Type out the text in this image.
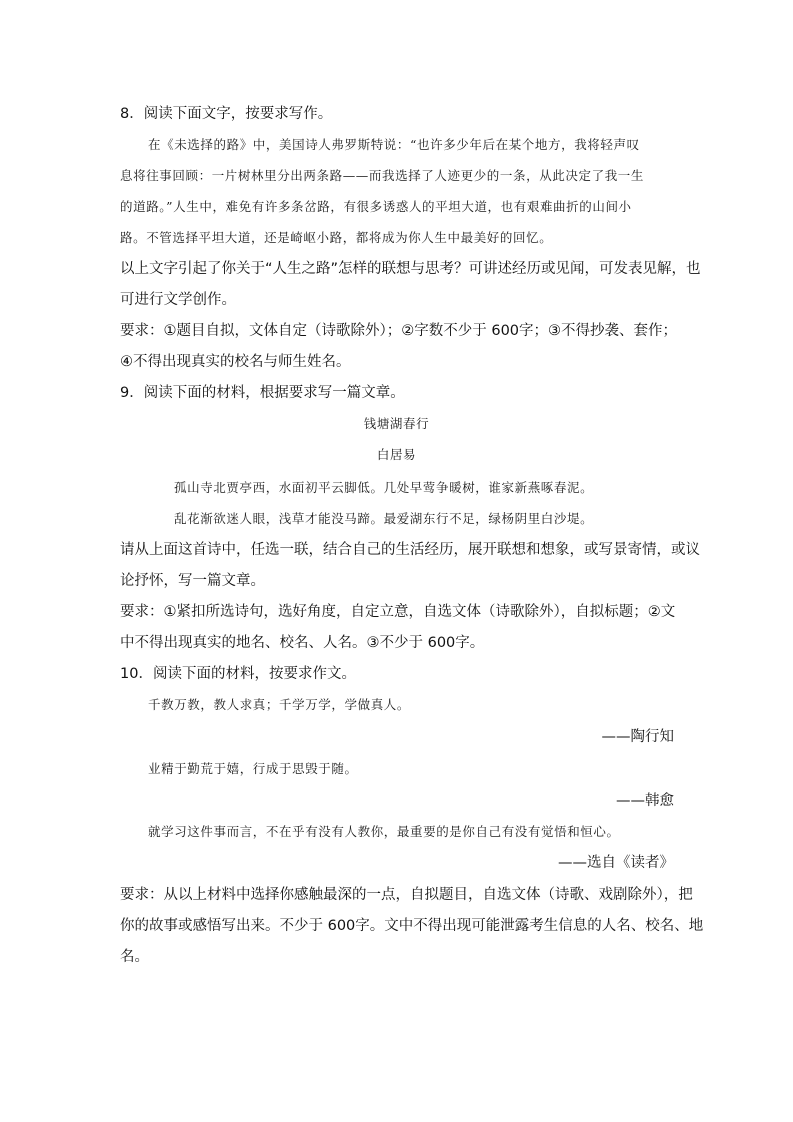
8．阅读下面文字，按要求写作。
在《未选择的路》中，美国诗人弗罗斯特说：“也许多少年后在某个地方，我将轻声叹
息将往事回顾：一片树林里分出两条路——而我选择了人迹更少的一条，从此决定了我一生
的道路。”人生中，难免有许多条岔路，有很多诱惑人的平坦大道，也有艰难曲折的山间小
路。不管选择平坦大道，还是崎岖小路，都将成为你人生中最美好的回忆。
以上文字引起了你关于“人生之路”怎样的联想与思考？可讲述经历或见闻，可发表见解，也
可进行文学创作。
要求：①题目自拟，文体自定（诗歌除外）；②字数不少于 600字；③不得抄袭、套作；
④不得出现真实的校名与师生姓名。
9．阅读下面的材料，根据要求写一篇文章。
钱塘湖春行
白居易
孤山寺北贾亭西，水面初平云脚低。几处早莺争暖树，谁家新燕啄春泥。
乱花渐欲迷人眼，浅草才能没马蹄。最爱湖东行不足，绿杨阴里白沙堤。
请从上面这首诗中，任选一联，结合自己的生活经历，展开联想和想象，或写景寄情，或议
论抒怀，写一篇文章。
要求：①紧扣所选诗句，选好角度，自定立意，自选文体（诗歌除外），自拟标题；②文
中不得出现真实的地名、校名、人名。③不少于 600字。
10．阅读下面的材料，按要求作文。
千教万教，教人求真；千学万学，学做真人。
——陶行知
业精于勤荒于嬉，行成于思毁于随。
——韩愈
就学习这件事而言，不在乎有没有人教你，最重要的是你自己有没有觉悟和恒心。
——选自《读者》
要求：从以上材料中选择你感触最深的一点，自拟题目，自选文体（诗歌、戏剧除外），把
你的故事或感悟写出来。不少于 600字。文中不得出现可能泄露考生信息的人名、校名、地
名。
